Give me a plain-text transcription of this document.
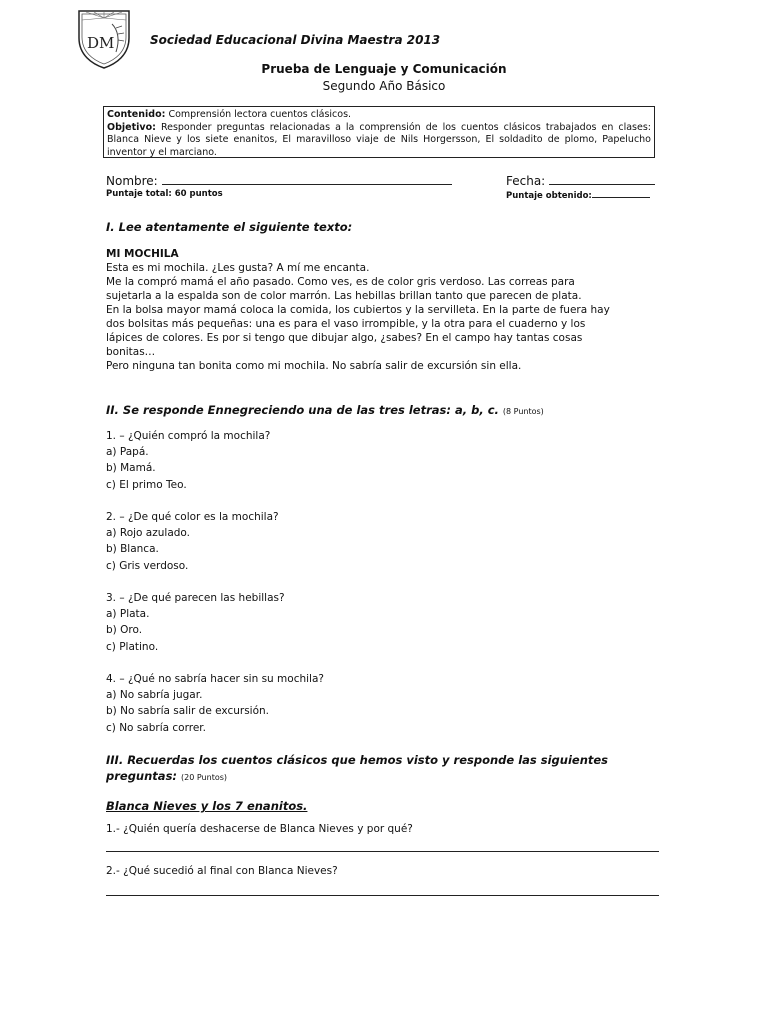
DM	Sociedad Educacional Divina Maestra 2013
Prueba de Lenguaje y Comunicación
Segundo Año Básico
Contenido: Comprensión lectora cuentos clásicos.
Objetivo: Responder preguntas relacionadas a la comprensión de los cuentos clásicos trabajados en clases: Blanca Nieve y los siete enanitos, El maravilloso viaje de Nils Horgersson, El soldadito de plomo, Papelucho inventor y el marciano.
Nombre:	Fecha:
Puntaje total: 60 puntos	Puntaje obtenido:
I. Lee atentamente el siguiente texto:
MI MOCHILA
Esta es mi mochila. ¿Les gusta? A mí me encanta.
Me la compró mamá el año pasado. Como ves, es de color gris verdoso. Las correas para
sujetarla a la espalda son de color marrón. Las hebillas brillan tanto que parecen de plata.
En la bolsa mayor mamá coloca la comida, los cubiertos y la servilleta. En la parte de fuera hay
dos bolsitas más pequeñas: una es para el vaso irrompible, y la otra para el cuaderno y los
lápices de colores. Es por si tengo que dibujar algo, ¿sabes? En el campo hay tantas cosas
bonitas…
Pero ninguna tan bonita como mi mochila. No sabría salir de excursión sin ella.
II. Se responde Ennegreciendo una de las tres letras: a, b, c. (8 Puntos)
1. – ¿Quién compró la mochila?
a) Papá.
b) Mamá.
c) El primo Teo.
2. – ¿De qué color es la mochila?
a) Rojo azulado.
b) Blanca.
c) Gris verdoso.
3. – ¿De qué parecen las hebillas?
a) Plata.
b) Oro.
c) Platino.
4. – ¿Qué no sabría hacer sin su mochila?
a) No sabría jugar.
b) No sabría salir de excursión.
c) No sabría correr.
III. Recuerdas los cuentos clásicos que hemos visto y responde las siguientes
preguntas: (20 Puntos)
Blanca Nieves y los 7 enanitos.
1.- ¿Quién quería deshacerse de Blanca Nieves y por qué?
2.- ¿Qué sucedió al final con Blanca Nieves?
